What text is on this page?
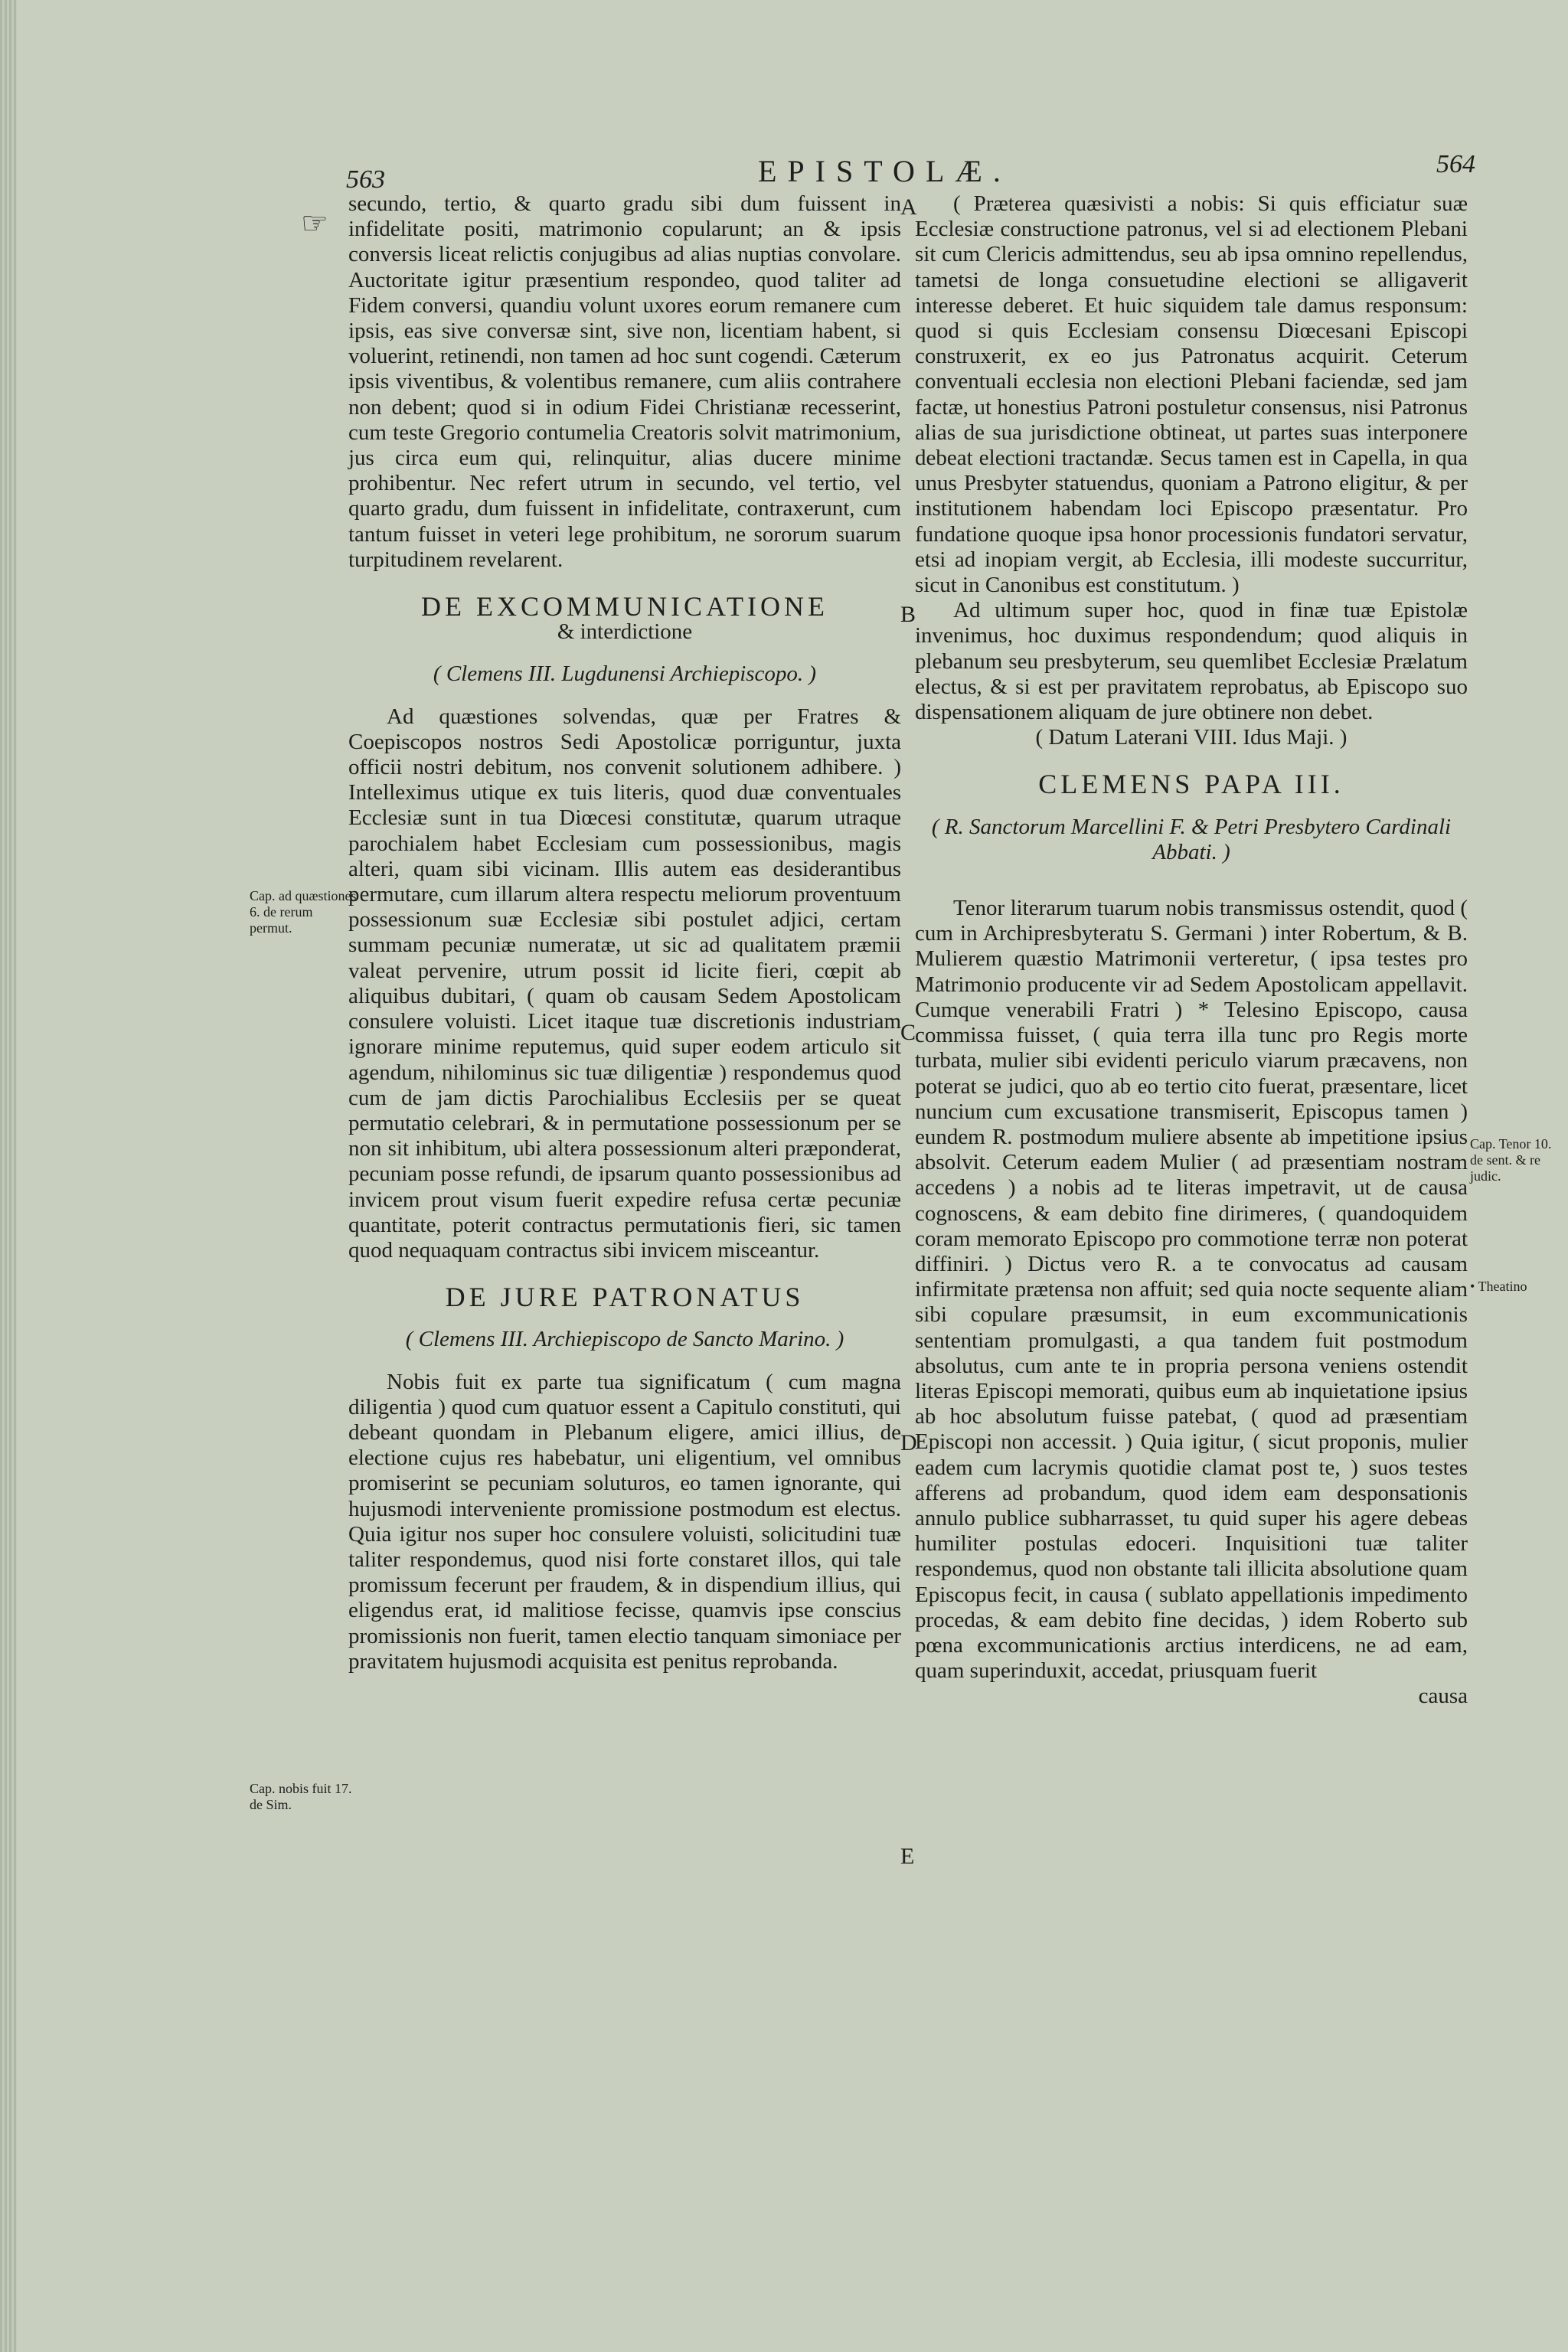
563	EPISTOLÆ.	564
☞

secundo, tertio, & quarto gradu sibi dum fuissent in infidelitate positi, matrimonio copularunt; an & ipsis conversis liceat relictis conjugibus ad alias nuptias convolare. Auctoritate igitur præsentium respondeo, quod taliter ad Fidem conversi, quandiu volunt uxores eorum remanere cum ipsis, eas sive conversæ sint, sive non, licentiam habent, si voluerint, retinendi, non tamen ad hoc sunt cogendi. Cæterum ipsis viventibus, & volentibus remanere, cum aliis contrahere non debent; quod si in odium Fidei Christianæ recesserint, cum teste Gregorio contumelia Creatoris solvit matrimonium, jus circa eum qui, relinquitur, alias ducere minime prohibentur. Nec refert utrum in secundo, vel tertio, vel quarto gradu, dum fuissent in infidelitate, contraxerunt, cum tantum fuisset in veteri lege prohibitum, ne sororum suarum turpitudinem revelarent.

DE EXCOMMUNICATIONE
& interdictione
( Clemens III. Lugdunensi Archiepiscopo. )

Ad quæstiones solvendas, quæ per Fratres & Coepiscopos nostros Sedi Apostolicæ porriguntur, juxta officii nostri debitum, nos convenit solutionem adhibere. ) Intelleximus utique ex tuis literis, quod duæ conventuales Ecclesiæ sunt in tua Diœcesi constitutæ, quarum utraque parochialem habet Ecclesiam cum possessionibus, magis alteri, quam sibi vicinam. Illis autem eas desiderantibus permutare, cum illarum altera respectu meliorum proventuum possessionum suæ Ecclesiæ sibi postulet adjici, certam summam pecuniæ numeratæ, ut sic ad qualitatem præmii valeat pervenire, utrum possit id licite fieri, cœpit ab aliquibus dubitari, ( quam ob causam Sedem Apostolicam consulere voluisti. Licet itaque tuæ discretionis industriam ignorare minime reputemus, quid super eodem articulo sit agendum, nihilominus sic tuæ diligentiæ ) respondemus quod cum de jam dictis Parochialibus Ecclesiis per se queat permutatio celebrari, & in permutatione possessionum per se non sit inhibitum, ubi altera possessionum alteri præponderat, pecuniam posse refundi, de ipsarum quanto possessionibus ad invicem prout visum fuerit expedire refusa certæ pecuniæ quantitate, poterit contractus permutationis fieri, sic tamen quod nequaquam contractus sibi invicem misceantur.

DE JURE PATRONATUS
( Clemens III. Archiepiscopo de Sancto Marino. )

Nobis fuit ex parte tua significatum ( cum magna diligentia ) quod cum quatuor essent a Capitulo constituti, qui debeant quondam in Plebanum eligere, amici illius, de electione cujus res habebatur, uni eligentium, vel omnibus promiserint se pecuniam soluturos, eo tamen ignorante, qui hujusmodi interveniente promissione postmodum est electus. Quia igitur nos super hoc consulere voluisti, solicitudini tuæ taliter respondemus, quod nisi forte constaret illos, qui tale promissum fecerunt per fraudem, & in dispendium illius, qui eligendus erat, id malitiose fecisse, quamvis ipse conscius promissionis non fuerit, tamen electio tanquam simoniace per pravitatem hujusmodi acquisita est penitus reprobanda.

( Præterea quæsivisti a nobis: Si quis efficiatur suæ Ecclesiæ constructione patronus, vel si ad electionem Plebani sit cum Clericis admittendus, seu ab ipsa omnino repellendus, tametsi de longa consuetudine electioni se alligaverit interesse deberet. Et huic siquidem tale damus responsum: quod si quis Ecclesiam consensu Diœcesani Episcopi construxerit, ex eo jus Patronatus acquirit. Ceterum conventuali ecclesia non electioni Plebani faciendæ, sed jam factæ, ut honestius Patroni postuletur consensus, nisi Patronus alias de sua jurisdictione obtineat, ut partes suas interponere debeat electioni tractandæ. Secus tamen est in Capella, in qua unus Presbyter statuendus, quoniam a Patrono eligitur, & per institutionem habendam loci Episcopo præsentatur. Pro fundatione quoque ipsa honor processionis fundatori servatur, etsi ad inopiam vergit, ab Ecclesia, illi modeste succurritur, sicut in Canonibus est constitutum. )

Ad ultimum super hoc, quod in finæ tuæ Epistolæ invenimus, hoc duximus respondendum; quod aliquis in plebanum seu presbyterum, seu quemlibet Ecclesiæ Prælatum electus, & si est per pravitatem reprobatus, ab Episcopo suo dispensationem aliquam de jure obtinere non debet.

( Datum Laterani VIII. Idus Maji. )
CLEMENS PAPA III.
( R. Sanctorum Marcellini F. & Petri Presbytero Cardinali Abbati. )

Tenor literarum tuarum nobis transmissus ostendit, quod ( cum in Archipresbyteratu S. Germani ) inter Robertum, & B. Mulierem quæstio Matrimonii verteretur, ( ipsa testes pro Matrimonio producente vir ad Sedem Apostolicam appellavit. Cumque venerabili Fratri ) * Telesino Episcopo, causa commissa fuisset, ( quia terra illa tunc pro Regis morte turbata, mulier sibi evidenti periculo viarum præcavens, non poterat se judici, quo ab eo tertio cito fuerat, præsentare, licet nuncium cum excusatione transmiserit, Episcopus tamen ) eundem R. postmodum muliere absente ab impetitione ipsius absolvit. Ceterum eadem Mulier ( ad præsentiam nostram accedens ) a nobis ad te literas impetravit, ut de causa cognoscens, & eam debito fine dirimeres, ( quandoquidem coram memorato Episcopo pro commotione terræ non poterat diffiniri. ) Dictus vero R. a te convocatus ad causam infirmitate prætensa non affuit; sed quia nocte sequente aliam sibi copulare præsumsit, in eum excommunicationis sententiam promulgasti, a qua tandem fuit postmodum absolutus, cum ante te in propria persona veniens ostendit literas Episcopi memorati, quibus eum ab inquietatione ipsius ab hoc absolutum fuisse patebat, ( quod ad præsentiam Episcopi non accessit. ) Quia igitur, ( sicut proponis, mulier eadem cum lacrymis quotidie clamat post te, ) suos testes afferens ad probandum, quod idem eam desponsationis annulo publice subharrasset, tu quid super his agere debeas humiliter postulas edoceri. Inquisitioni tuæ taliter respondemus, quod non obstante tali illicita absolutione quam Episcopus fecit, in causa ( sublato appellationis impedimento procedas, & eam debito fine decidas, ) idem Roberto sub pœna excommunicationis arctius interdicens, ne ad eam, quam superinduxit, accedat, priusquam fuerit

causa
A
B
C
D
E
Cap. ad quæstiones 6. de rerum permut.
Cap. nobis fuit 17. de Sim.
Cap. Tenor 10. de sent. & re judic.
• Theatino
